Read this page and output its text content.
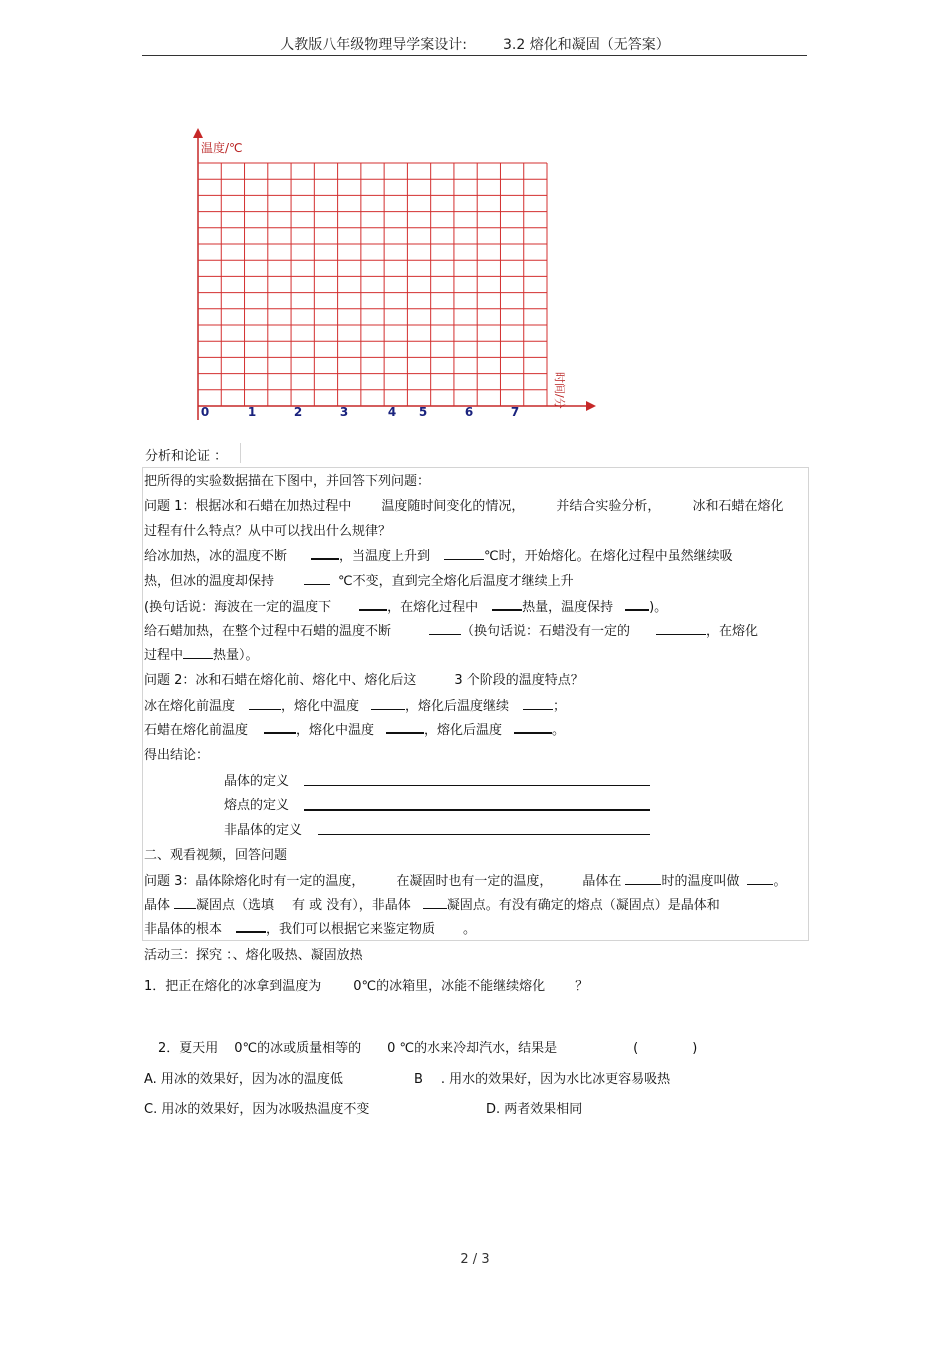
人教版八年级物理导学案设计:	3.2 熔化和凝固（无答案）
温度/℃
时间/分
0	1	2	3	4 5	6	7
分析和论证 ：
把所得的实验数据描在下图中，并回答下列问题：
问题 1：根据冰和石蜡在加热过程中 温度随时间变化的情况， 并结合实验分析， 冰和石蜡在熔化
过程有什么特点？从中可以找出什么规律？
给冰加热，冰的温度不断	，当温度上升到	℃时，开始熔化。在熔化过程中虽然继续吸
热，但冰的温度却保持	℃不变，直到完全熔化后温度才继续上升
(换句话说：海波在一定的温度下	，在熔化过程中	热量，温度保持	)。
给石蜡加热，在整个过程中石蜡的温度不断	（换句话说：石蜡没有一定的	，在熔化
过程中 热量）。
问题 2：冰和石蜡在熔化前、熔化中、熔化后这	3 个阶段的温度特点？
冰在熔化前温度	，熔化中温度	，熔化后温度继续	；
石蜡在熔化前温度	，熔化中温度	，熔化后温度	。
得出结论：
晶体的定义
熔点的定义
非晶体的定义
二、观看视频，回答问题
问题 3：晶体除熔化时有一定的温度， 在凝固时也有一定的温度， 晶体在	时的温度叫做	。
晶体 凝固点（选填 有 或 没有），非晶体	凝固点。有没有确定的熔点（凝固点）是晶体和
非晶体的根本	，我们可以根据它来鉴定物质 。
活动三：探究 ：、熔化吸热、凝固放热
1．把正在熔化的冰拿到温度为 0℃的冰箱里，冰能不能继续熔化 ？
2．夏天用 0℃的冰或质量相等的 0 ℃的水来冷却汽水，结果是	(	)
A. 用冰的效果好，因为冰的温度低	B . 用水的效果好，因为水比冰更容易吸热
C. 用冰的效果好，因为冰吸热温度不变	D. 两者效果相同
2 / 3
